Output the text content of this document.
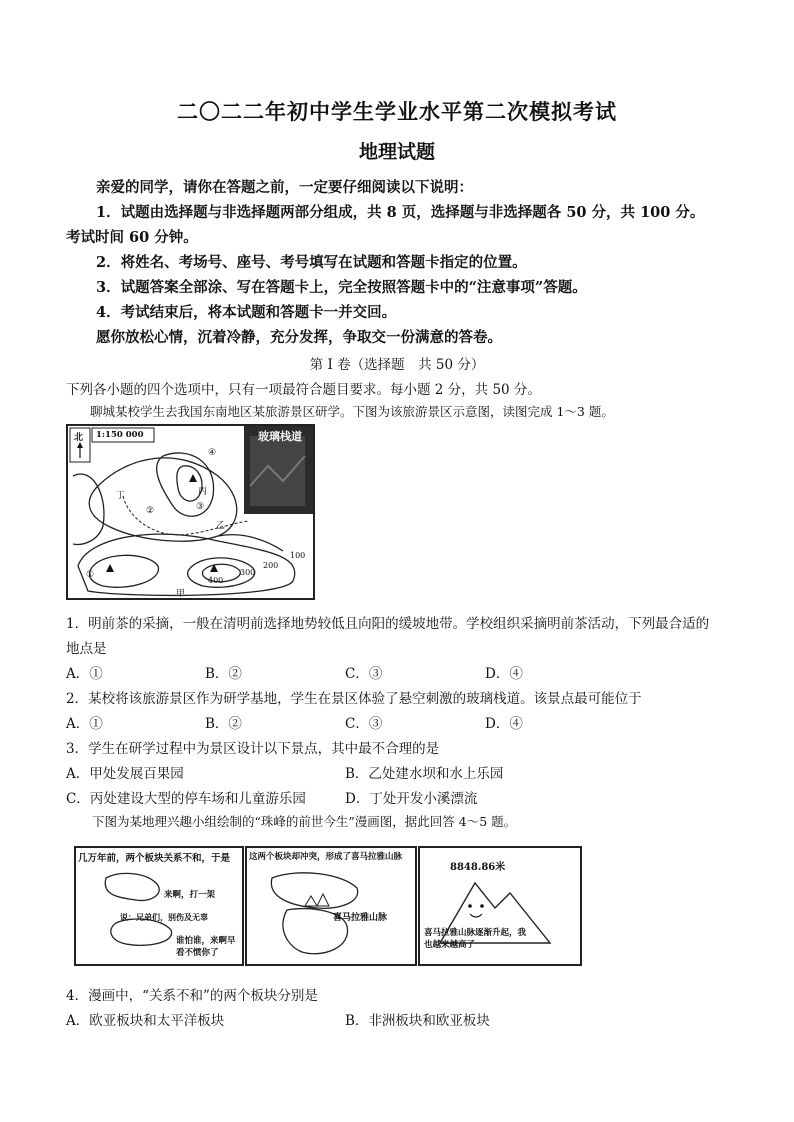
二〇二二年初中学生学业水平第二次模拟考试
地理试题
亲爱的同学，请你在答题之前，一定要仔细阅读以下说明：
1．试题由选择题与非选择题两部分组成，共 8 页，选择题与非选择题各 50 分，共 100 分。
考试时间 60 分钟。
2．将姓名、考场号、座号、考号填写在试题和答题卡指定的位置。
3．试题答案全部涂、写在答题卡上，完全按照答题卡中的“注意事项”答题。
4．考试结束后，将本试题和答题卡一并交回。
愿你放松心情，沉着冷静，充分发挥，争取交一份满意的答卷。
第 I 卷（选择题　共 50 分）
下列各小题的四个选项中，只有一项最符合题目要求。每小题 2 分，共 50 分。
聊城某校学生去我国东南地区某旅游景区研学。下图为该旅游景区示意图，读图完成 1～3 题。
北 1:150 000	玻璃栈道
100
200
300
400
丁	丙
乙
甲
①
②	③
④
1．明前茶的采摘，一般在清明前选择地势较低且向阳的缓坡地带。学校组织采摘明前茶活动，下列最合适的
地点是
A．①	B．②	C．③	D．④
2．某校将该旅游景区作为研学基地，学生在景区体验了悬空刺激的玻璃栈道。该景点最可能位于
A．①	B．②	C．③	D．④
3．学生在研学过程中为景区设计以下景点，其中最不合理的是
A．甲处发展百果园	B．乙处建水坝和水上乐园
C．丙处建设大型的停车场和儿童游乐园	D．丁处开发小溪漂流
下图为某地理兴趣小组绘制的“珠峰的前世今生”漫画图，据此回答 4～5 题。
几万年前，两个板块关系不和，于是
来啊，打一架
说：兄弟们，别伤及无辜
谁怕谁，来啊早看不惯你了
这两个板块却冲突，形成了喜马拉雅山脉
喜马拉雅山脉
8848.86米
喜马拉雅山脉逐渐升起，我也越来越高了
4．漫画中，“关系不和”的两个板块分别是
A．欧亚板块和太平洋板块	B．非洲板块和欧亚板块
